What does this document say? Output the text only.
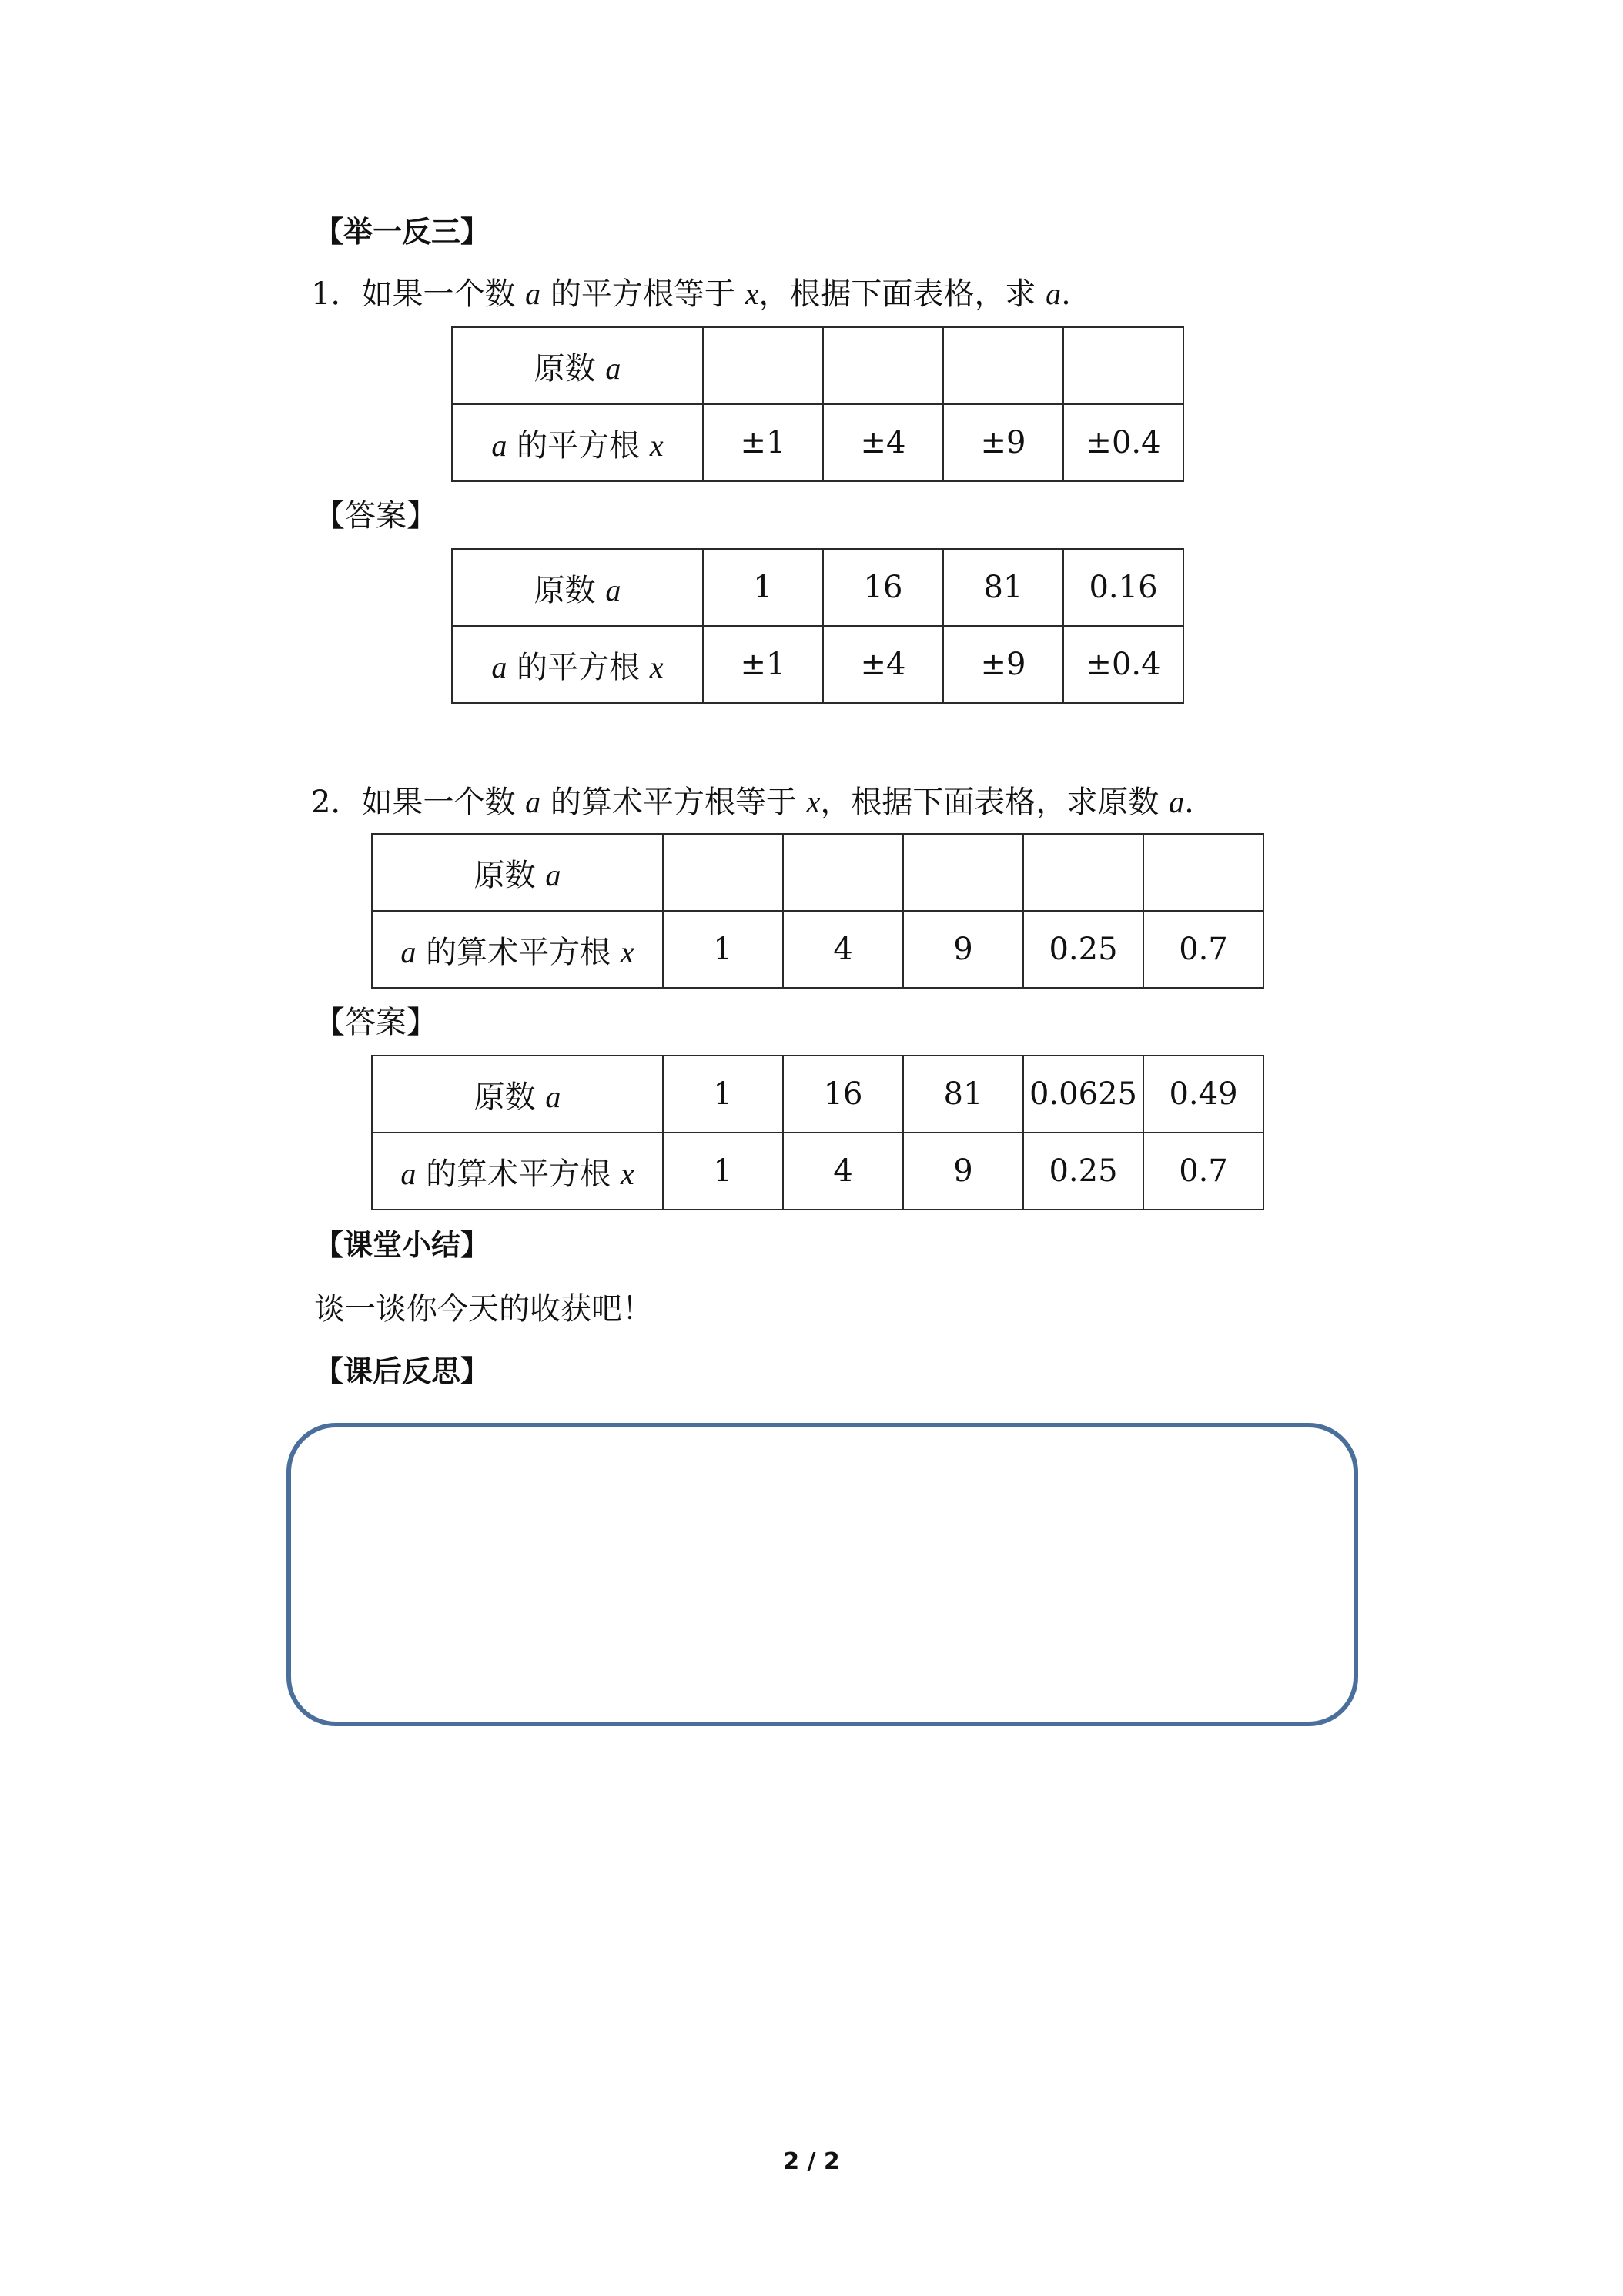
【举一反三】
1．如果一个数 a 的平方根等于 x，根据下面表格，求 a.
原数 a				
a 的平方根 x	±1	±4	±9	±0.4
【答案】
原数 a	1	16	81	0.16
a 的平方根 x	±1	±4	±9	±0.4
2．如果一个数 a 的算术平方根等于 x，根据下面表格，求原数 a.
原数 a					
a 的算术平方根 x	1	4	9	0.25	0.7
【答案】
原数 a	1	16	81	0.0625	0.49
a 的算术平方根 x	1	4	9	0.25	0.7
【课堂小结】
谈一谈你今天的收获吧！
【课后反思】
2 / 2
